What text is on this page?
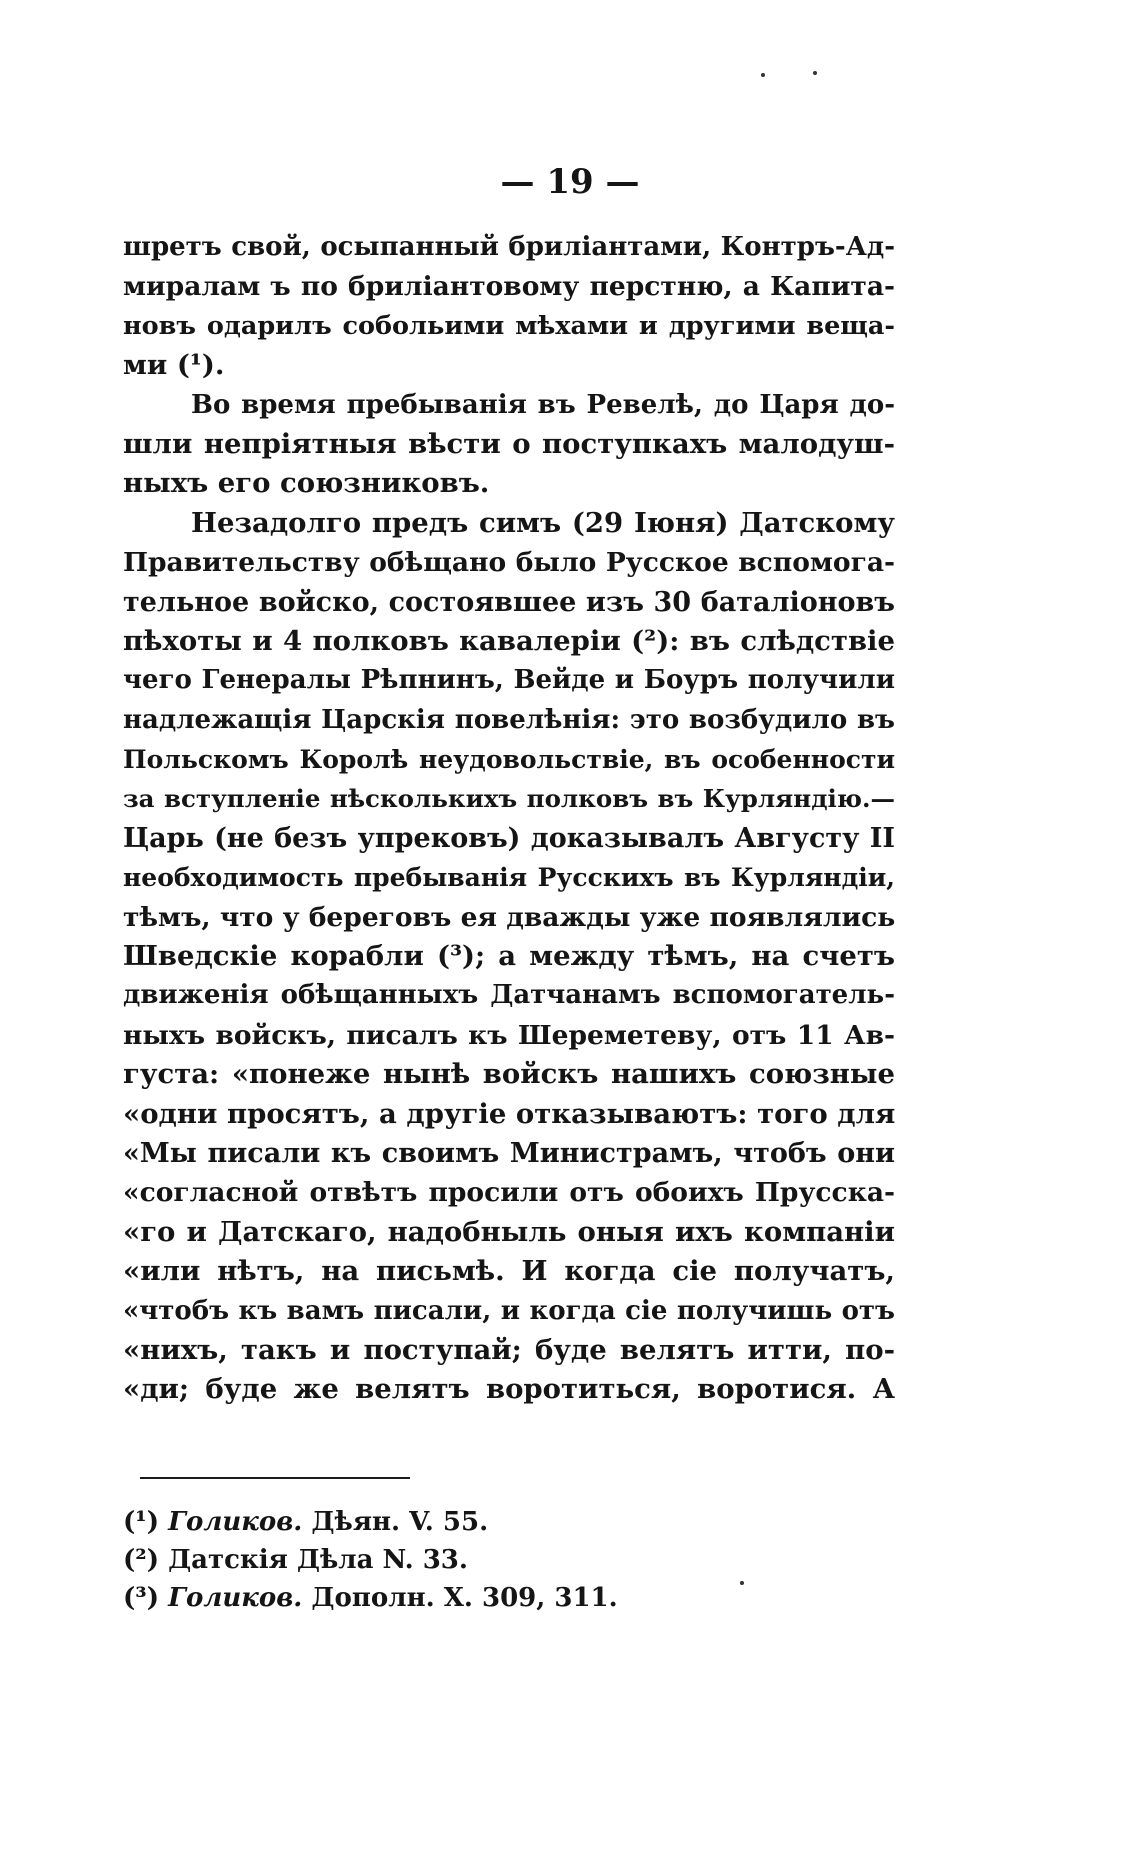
— 19 —
шретъ свой, осыпанный бриліантами, Контръ-Ад-
миралам ъ по бриліантовому перстню, а Капита-
новъ одарилъ собольими мѣхами и другими веща-
ми (¹).
Во время пребыванія въ Ревелѣ, до Царя до-
шли непріятныя вѣсти о поступкахъ малодуш-
ныхъ его союзниковъ.
Незадолго предъ симъ (29 Іюня) Датскому
Правительству обѣщано было Русское вспомога-
тельное войско, состоявшее изъ 30 баталіоновъ
пѣхоты и 4 полковъ кавалеріи (²): въ слѣдствіе
чего Генералы Рѣпнинъ, Вейде и Боуръ получили
надлежащія Царскія повелѣнія: это возбудило въ
Польскомъ Королѣ неудовольствіе, въ особенности
за вступленіе нѣсколькихъ полковъ въ Курляндію.—
Царь (не безъ упрековъ) доказывалъ Августу II
необходимость пребыванія Русскихъ въ Курляндіи,
тѣмъ, что у береговъ ея дважды уже появлялись
Шведскіе корабли (³); а между тѣмъ, на счетъ
движенія обѣщанныхъ Датчанамъ вспомогатель-
ныхъ войскъ, писалъ къ Шереметеву, отъ 11 Ав-
густа: «понеже нынѣ войскъ нашихъ союзные
«одни просятъ, а другіе отказываютъ: того для
«Мы писали къ своимъ Министрамъ, чтобъ они
«согласной отвѣтъ просили отъ обоихъ Прусска-
«го и Датскаго, надобныль оныя ихъ компаніи
«или нѣтъ, на письмѣ. И когда сіе получатъ,
«чтобъ къ вамъ писали, и когда сіе получишь отъ
«нихъ, такъ и поступай; буде велятъ итти, по-
«ди; буде же велятъ воротиться, воротися. А
(¹) Голиков. Дѣян. V. 55.
(²) Датскія Дѣла N. 33.
(³) Голиков. Дополн. X. 309, 311.
